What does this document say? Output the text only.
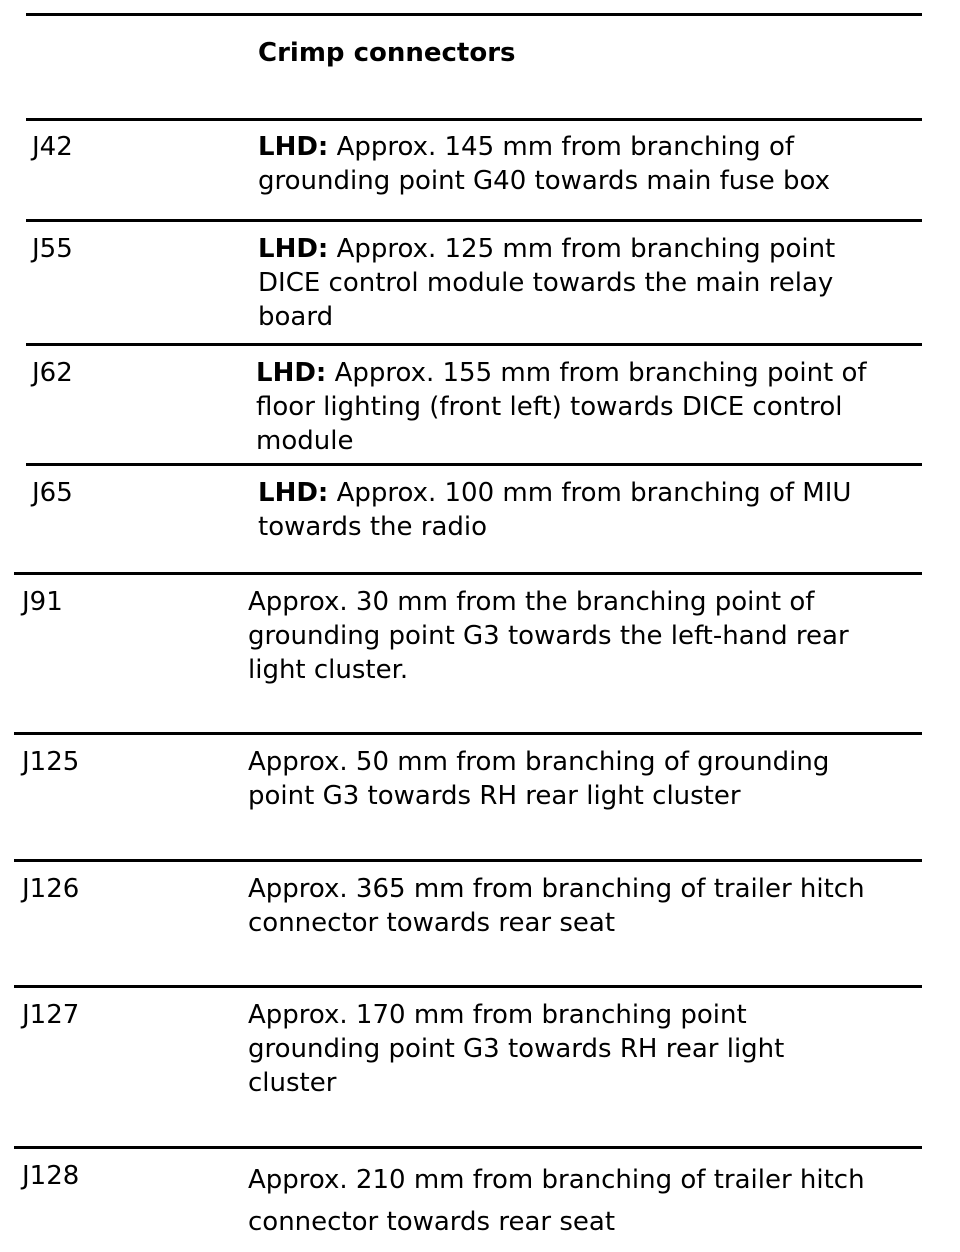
Crimp connectors
J42	LHD: Approx. 145 mm from branching of
grounding point G40 towards main fuse box
J55	LHD: Approx. 125 mm from branching point
DICE control module towards the main relay
board
J62	LHD: Approx. 155 mm from branching point of
floor lighting (front left) towards DICE control
module
J65	LHD: Approx. 100 mm from branching of MIU
towards the radio
J91	Approx. 30 mm from the branching point of
grounding point G3 towards the left-hand rear
light cluster.
J125	Approx. 50 mm from branching of grounding
point G3 towards RH rear light cluster
J126	Approx. 365 mm from branching of trailer hitch
connector towards rear seat
J127	Approx. 170 mm from branching point
grounding point G3 towards RH rear light
cluster
J128	Approx. 210 mm from branching of trailer hitch
connector towards rear seat
